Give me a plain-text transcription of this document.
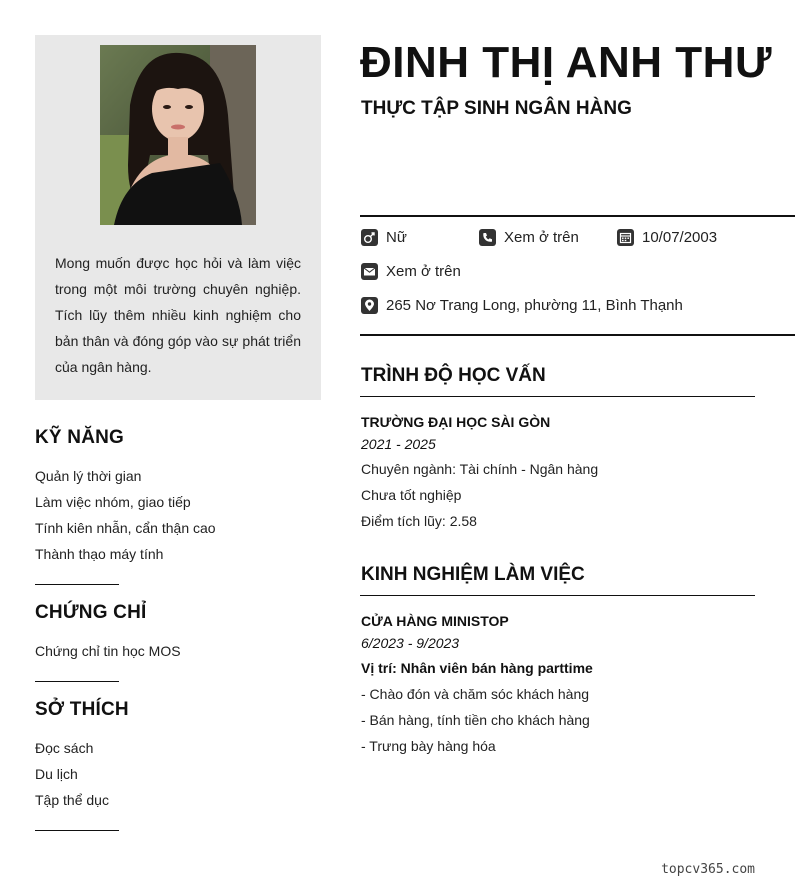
Mong muốn được học hỏi và làm việc trong một môi trường chuyên nghiệp. Tích lũy thêm nhiều kinh nghiệm cho bản thân và đóng góp vào sự phát triển của ngân hàng.

KỸ NĂNG
Quản lý thời gian
Làm việc nhóm, giao tiếp
Tính kiên nhẫn, cẩn thận cao
Thành thạo máy tính
CHỨNG CHỈ
Chứng chỉ tin học MOS
SỞ THÍCH
Đọc sách
Du lịch
Tập thể dục
ĐINH THỊ ANH THƯ
THỰC TẬP SINH NGÂN HÀNG
Nữ	Xem ở trên	10/07/2003
Xem ở trên
265 Nơ Trang Long, phường 11, Bình Thạnh
TRÌNH ĐỘ HỌC VẤN
TRƯỜNG ĐẠI HỌC SÀI GÒN
2021 - 2025
Chuyên ngành: Tài chính - Ngân hàng
Chưa tốt nghiệp
Điểm tích lũy: 2.58
KINH NGHIỆM LÀM VIỆC
CỬA HÀNG MINISTOP
6/2023 - 9/2023
Vị trí: Nhân viên bán hàng parttime
- Chào đón và chăm sóc khách hàng
- Bán hàng, tính tiền cho khách hàng
- Trưng bày hàng hóa
topcv365.com
